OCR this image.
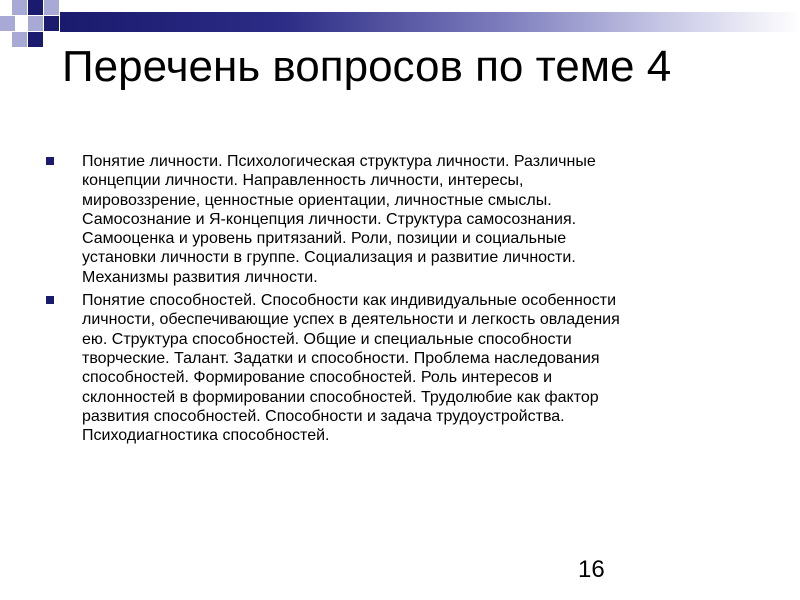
Перечень вопросов по теме 4
Понятие личности. Психологическая структура личности. Различные
концепции личности. Направленность личности, интересы,
мировоззрение, ценностные ориентации, личностные смыслы.
Самосознание и Я-концепция личности. Структура самосознания.
Самооценка и уровень притязаний. Роли, позиции и социальные
установки личности в группе. Социализация и развитие личности.
Механизмы развития личности.
Понятие способностей. Способности как индивидуальные особенности
личности, обеспечивающие успех в деятельности и легкость овладения
ею. Структура способностей. Общие и специальные способности
творческие. Талант. Задатки и способности. Проблема наследования
способностей. Формирование способностей. Роль интересов и
склонностей в формировании способностей. Трудолюбие как фактор
развития способностей. Способности и задача трудоустройства.
Психодиагностика способностей.
16
